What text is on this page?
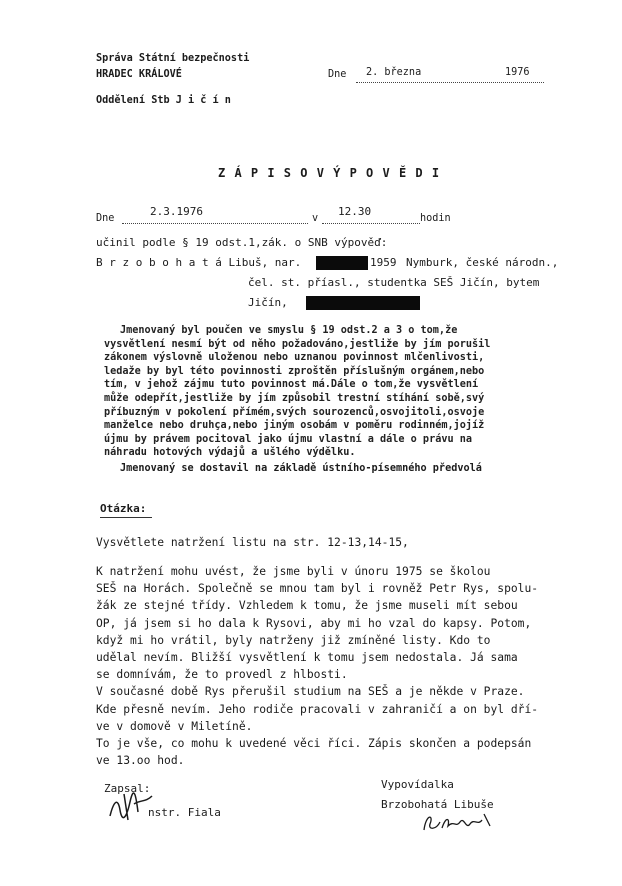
Správa Státní bezpečnosti
HRADEC KRÁLOVÉ
Oddělení Stb J i č í n
Dne 2. března	1976
Z Á P I S O V Ý P O V Ě D I
Dne
2.3.1976
v
12.30
hodin
učinil podle § 19 odst.1,zák. o SNB výpověď:
B r z o b o h a t á Libuš, nar.	1959 Nymburk, české národn.,
čel. st. příasl., studentka SEŠ Jičín, bytem
Jičín,
Jmenovaný byl poučen ve smyslu § 19 odst.2 a 3 o tom,že
vysvětlení nesmí být od něho požadováno,jestliže by jím porušil
zákonem výslovně uloženou nebo uznanou povinnost mlčenlivosti,
ledaže by byl této povinnosti zproštěn příslušným orgánem,nebo
tím, v jehož zájmu tuto povinnost má.Dále o tom,že vysvětlení
může odepřít,jestliže by jím způsobil trestní stíhání sobě,svý
příbuzným v pokolení přímém,svých sourozenců,osvojitoli,osvoje
manželce nebo druhça,nebo jiným osobám v poměru rodinném,jojíž
újmu by právem pocitoval jako újmu vlastní a dále o právu na
náhradu hotových výdajů a ušlého výdělku.
Jmenovaný se dostavil na základě ústního-písemného předvolá
Otázka:
Vysvětlete natržení listu na str. 12-13,14-15,
K natržení mohu uvést, že jsme byli v únoru 1975 se školou
SEŠ na Horách. Společně se mnou tam byl i rovněž Petr Rys, spolu-
žák ze stejné třídy. Vzhledem k tomu, že jsme museli mít sebou
OP, já jsem si ho dala k Rysovi, aby mi ho vzal do kapsy. Potom,
když mi ho vrátil, byly natrženy již zmíněné listy. Kdo to
udělal nevím. Bližší vysvětlení k tomu jsem nedostala. Já sama
se domnívám, že to provedl z hlbosti.
V současné době Rys přerušil studium na SEŠ a je někde v Praze.
Kde přesně nevím. Jeho rodiče pracovali v zahraničí a on byl dří-
ve v domově v Miletíně.
To je vše, co mohu k uvedené věci říci. Zápis skončen a podepsán
ve 13.oo hod.
Zapsal:
nstr. Fiala
Vypovídalka
Brzobohatá Libuše
